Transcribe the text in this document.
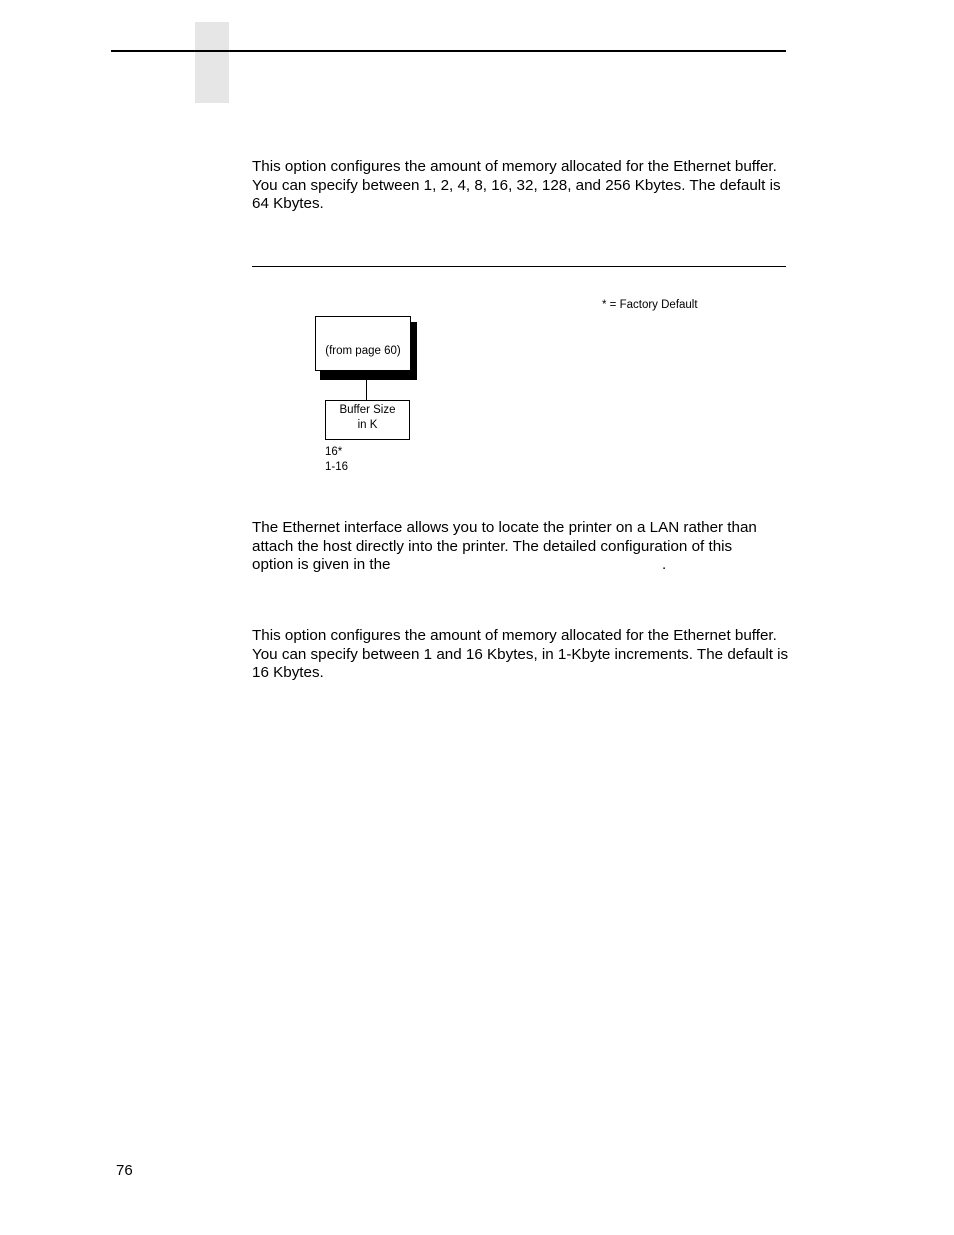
This option configures the amount of memory allocated for the Ethernet buffer. You can specify between 1, 2, 4, 8, 16, 32, 128, and 256 Kbytes. The default is 64 Kbytes.

* = Factory Default
(from page 60)
Buffer Size
in K
16*
1-16
The Ethernet interface allows you to locate the printer on a LAN rather than
attach the host directly into the printer. The detailed configuration of this
option is given in the	.

This option configures the amount of memory allocated for the Ethernet buffer. You can specify between 1 and 16 Kbytes, in 1-Kbyte increments. The default is 16 Kbytes.

76
